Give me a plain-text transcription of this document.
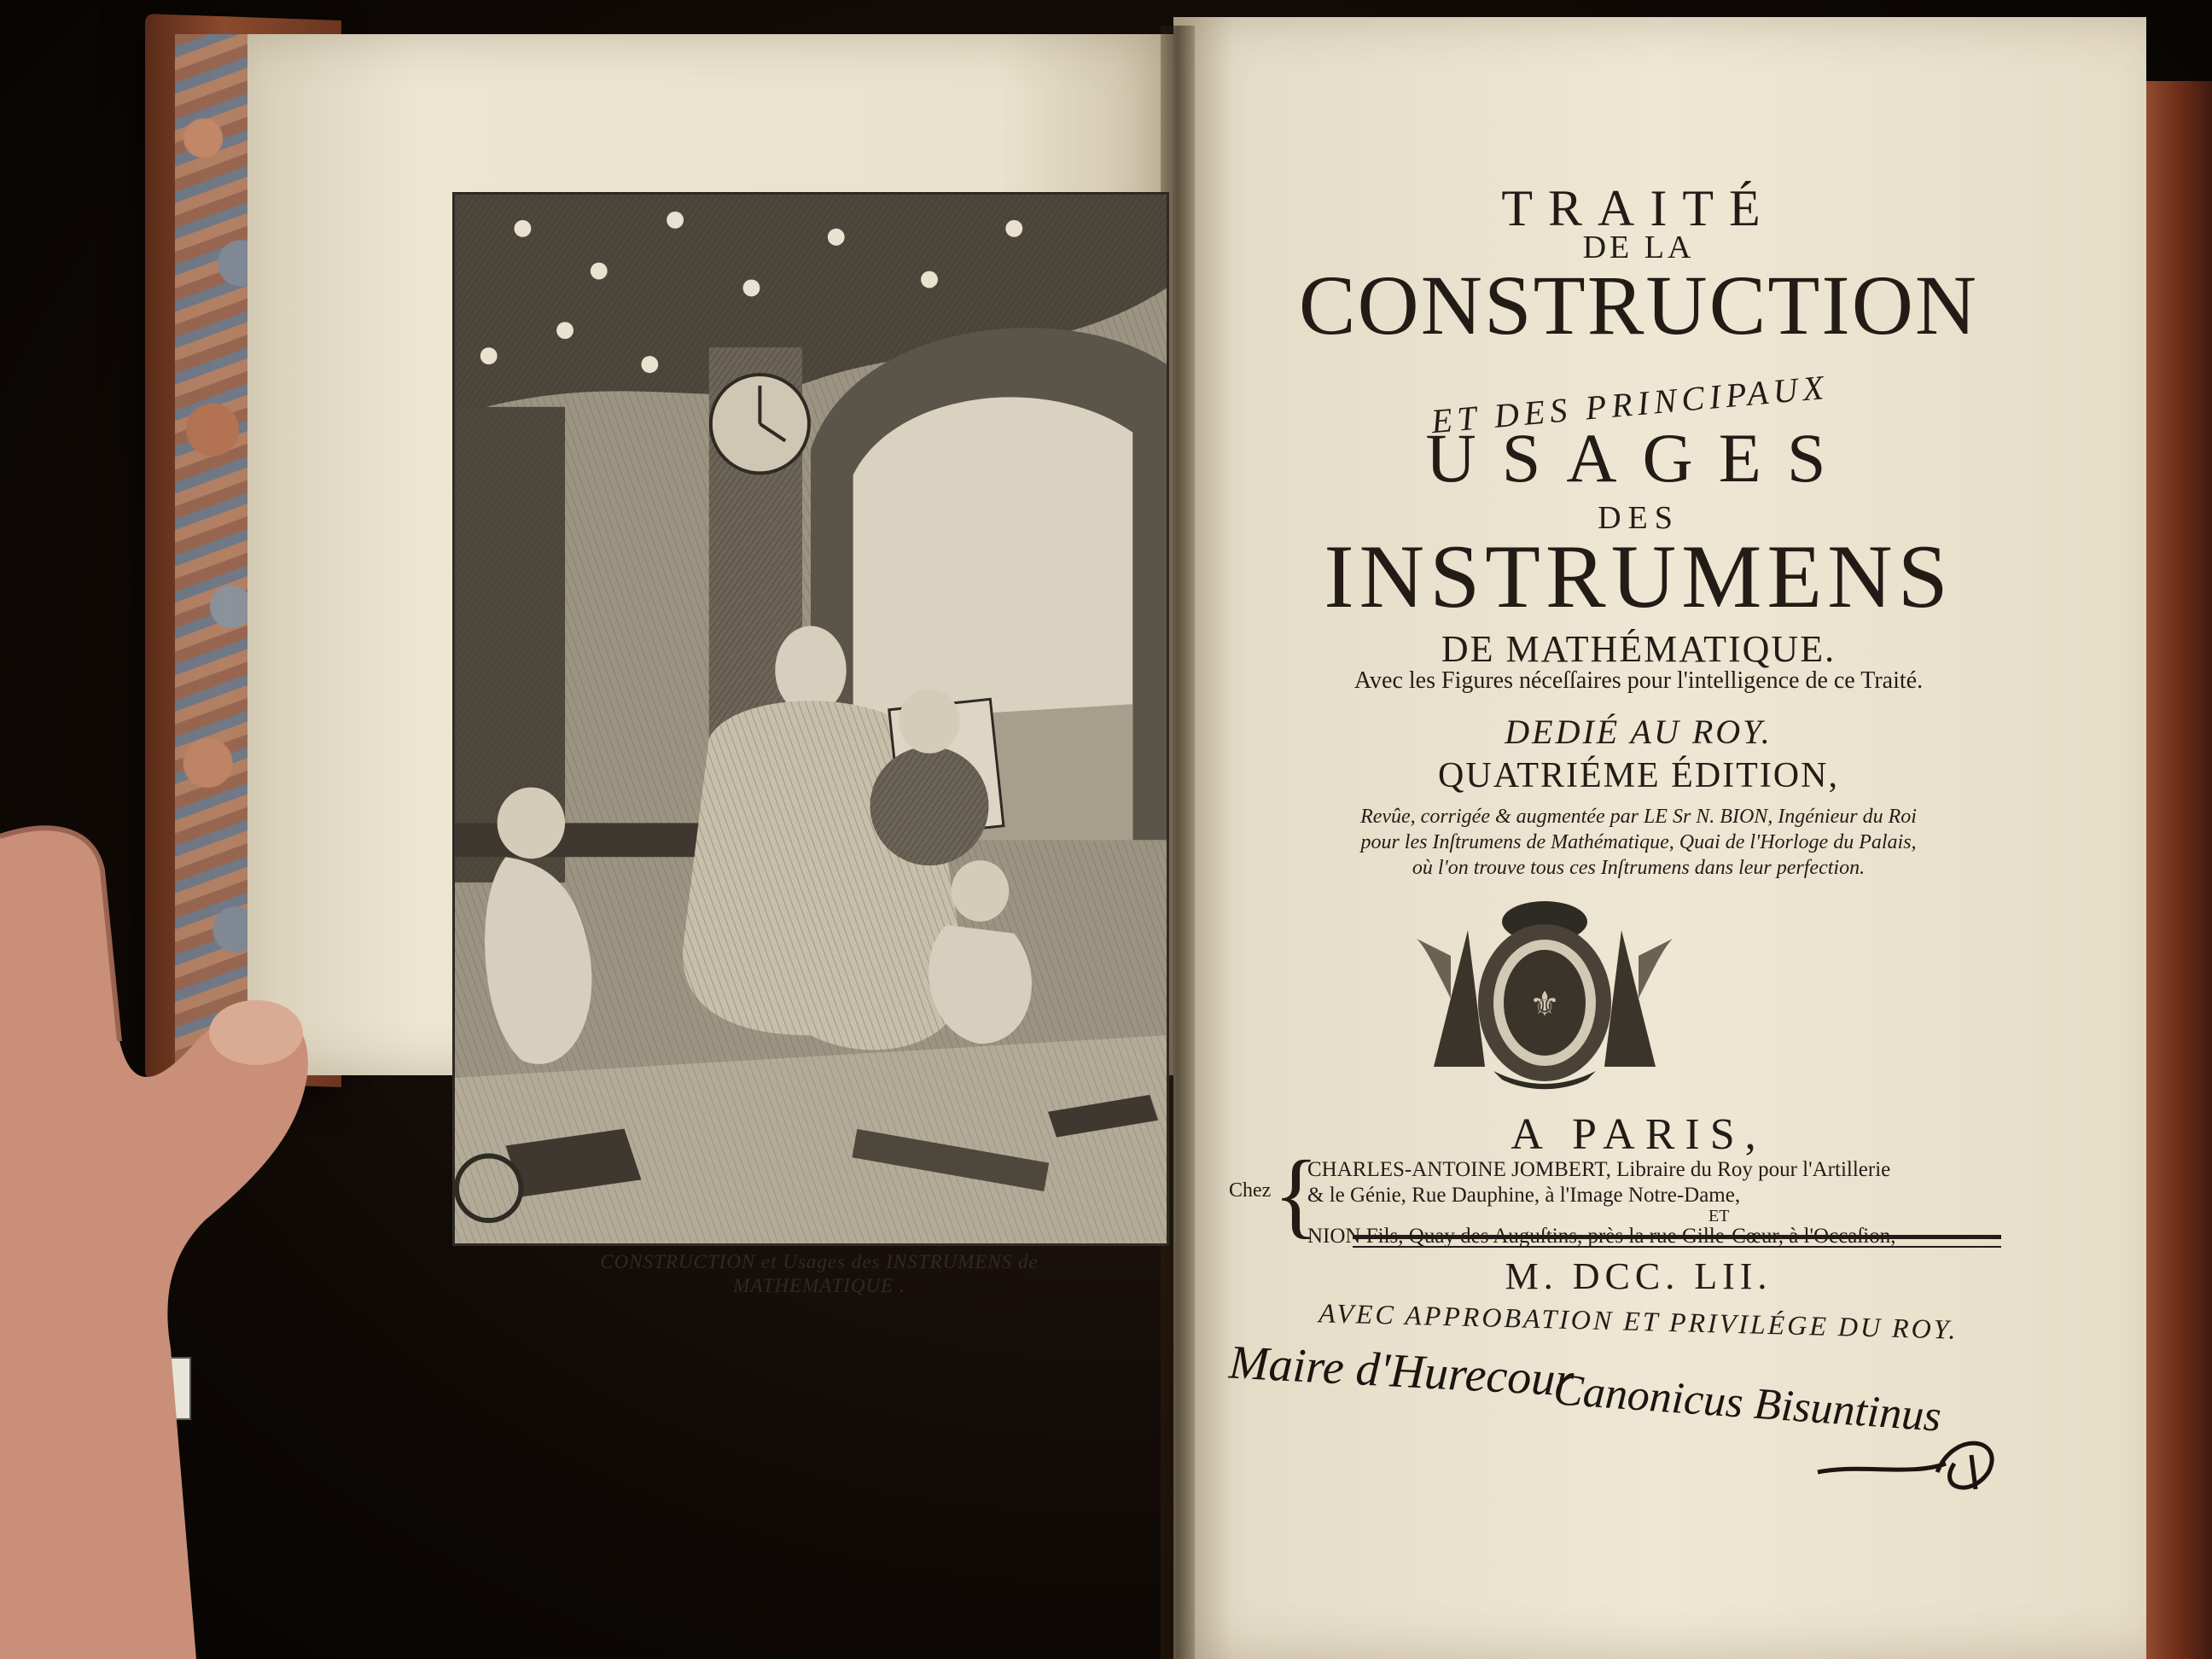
CONSTRUCTION et Usages des INSTRUMENS de
MATHEMATIQUE .
TRAITÉ
DE LA
CONSTRUCTION
ET DES PRINCIPAUX
USAGES
DES
INSTRUMENS
DE MATHÉMATIQUE.
Avec les Figures néceſſaires pour l'intelligence de ce Traité.
DEDIÉ AU ROY.
QUATRIÉME ÉDITION,
Revûe, corrigée & augmentée par LE Sr N. BION, Ingénieur du Roi
pour les Inſtrumens de Mathématique, Quai de l'Horloge du Palais,
où l'on trouve tous ces Inſtrumens dans leur perfection.
⚜
A PARIS,
Chez {
CHARLES-ANTOINE JOMBERT, Libraire du Roy pour l'Artillerie
& le Génie, Rue Dauphine, à l'Image Notre-Dame,
ET
NION Fils, Quay des Auguſtins, près la rue Gille-Cœur, à l'Occaſion,
M. DCC. LII.
AVEC APPROBATION ET PRIVILÉGE DU ROY.
Maire d'Hurecour
Canonicus Bisuntinus
